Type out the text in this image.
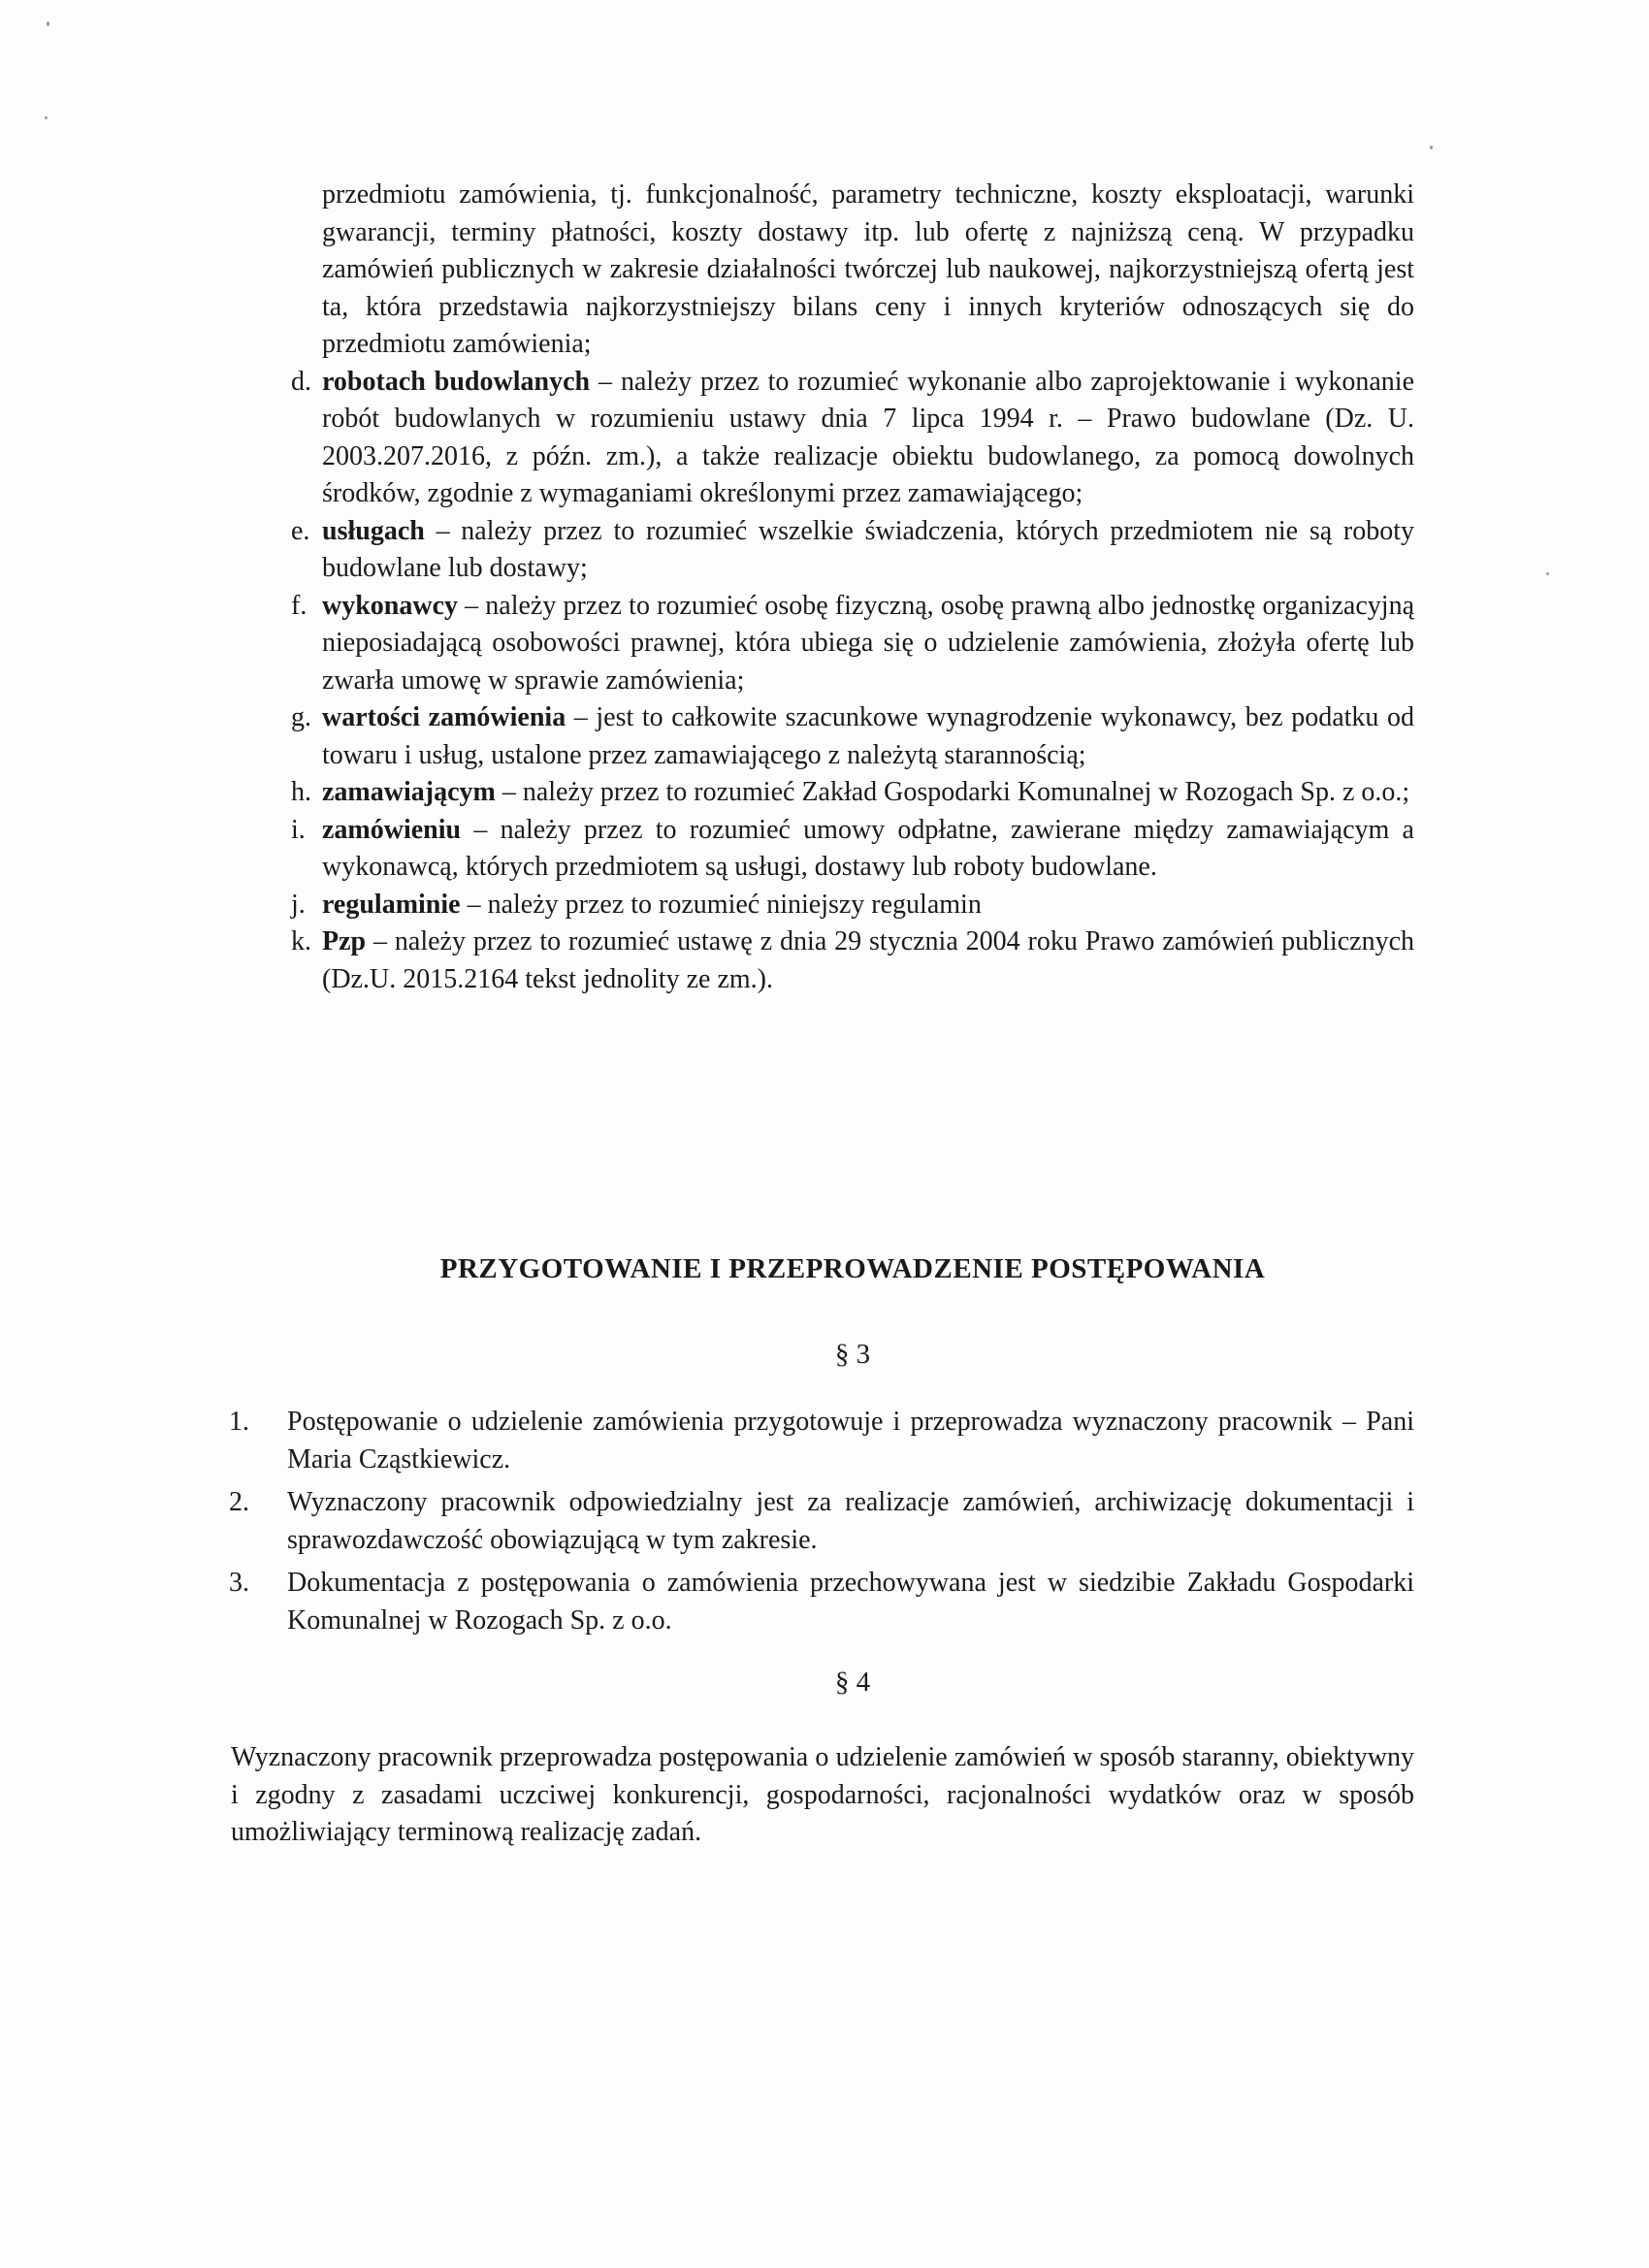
przedmiotu zamówienia, tj. funkcjonalność, parametry techniczne, koszty eksploatacji, warunki gwarancji, terminy płatności, koszty dostawy itp. lub ofertę z najniższą ceną. W przypadku zamówień publicznych w zakresie działalności twórczej lub naukowej, najkorzystniejszą ofertą jest ta, która przedstawia najkorzystniejszy bilans ceny i innych kryteriów odnoszących się do przedmiotu zamówienia;

d. robotach budowlanych – należy przez to rozumieć wykonanie albo zaprojektowanie i wykonanie robót budowlanych w rozumieniu ustawy dnia 7 lipca 1994 r. – Prawo budowlane (Dz. U. 2003.207.2016, z późn. zm.), a także realizacje obiektu budowlanego, za pomocą dowolnych środków, zgodnie z wymaganiami określonymi przez zamawiającego;
e. usługach – należy przez to rozumieć wszelkie świadczenia, których przedmiotem nie są roboty budowlane lub dostawy;
f. wykonawcy – należy przez to rozumieć osobę fizyczną, osobę prawną albo jednostkę organizacyjną nieposiadającą osobowości prawnej, która ubiega się o udzielenie zamówienia, złożyła ofertę lub zwarła umowę w sprawie zamówienia;
g. wartości zamówienia – jest to całkowite szacunkowe wynagrodzenie wykonawcy, bez podatku od towaru i usług, ustalone przez zamawiającego z należytą starannością;
h. zamawiającym – należy przez to rozumieć Zakład Gospodarki Komunalnej w Rozogach Sp. z o.o.;
i. zamówieniu – należy przez to rozumieć umowy odpłatne, zawierane między zamawiającym a wykonawcą, których przedmiotem są usługi, dostawy lub roboty budowlane.
j. regulaminie – należy przez to rozumieć niniejszy regulamin
k. Pzp – należy przez to rozumieć ustawę z dnia 29 stycznia 2004 roku Prawo zamówień publicznych (Dz.U. 2015.2164 tekst jednolity ze zm.).
PRZYGOTOWANIE I PRZEPROWADZENIE POSTĘPOWANIA

§ 3

1.	Postępowanie o udzielenie zamówienia przygotowuje i przeprowadza wyznaczony pracownik – Pani Maria Cząstkiewicz.
2.	Wyznaczony pracownik odpowiedzialny jest za realizacje zamówień, archiwizację dokumentacji i sprawozdawczość obowiązującą w tym zakresie.
3.	Dokumentacja z postępowania o zamówienia przechowywana jest w siedzibie Zakładu Gospodarki Komunalnej w Rozogach Sp. z o.o.

§ 4

Wyznaczony pracownik przeprowadza postępowania o udzielenie zamówień w sposób staranny, obiektywny i zgodny z zasadami uczciwej konkurencji, gospodarności, racjonalności wydatków oraz w sposób umożliwiający terminową realizację zadań.
